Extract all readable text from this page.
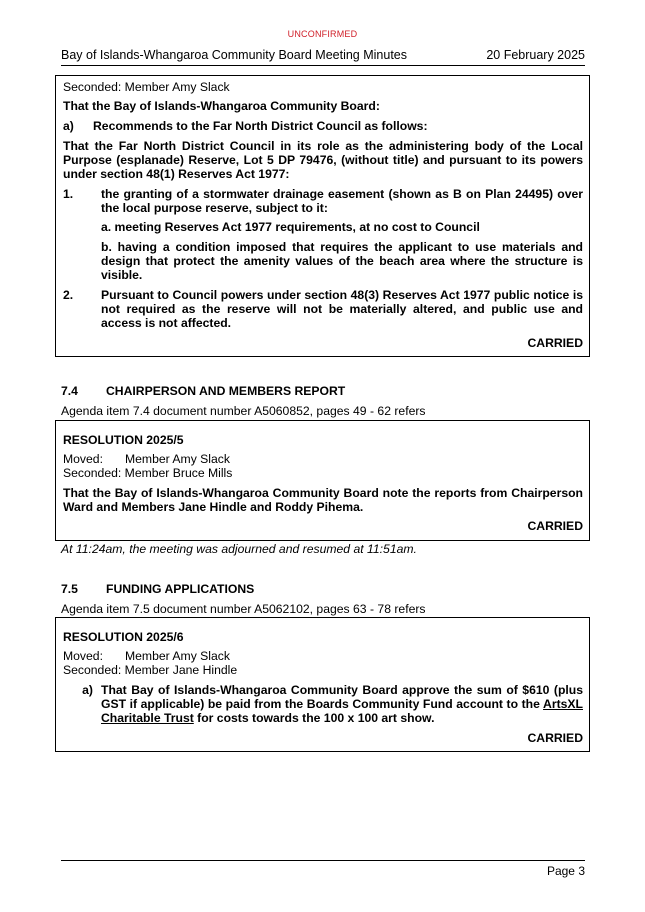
UNCONFIRMED
Bay of Islands-Whangaroa Community Board Meeting Minutes	20 February 2025

Seconded: Member Amy Slack

That the Bay of Islands-Whangaroa Community Board:

a)	Recommends to the Far North District Council as follows:

That the Far North District Council in its role as the administering body of the Local Purpose (esplanade) Reserve, Lot 5 DP 79476, (without title) and pursuant to its powers under section 48(1) Reserves Act 1977:

1.	the granting of a stormwater drainage easement (shown as B on Plan 24495) over the local purpose reserve, subject to it:

a. meeting Reserves Act 1977 requirements, at no cost to Council

b. having a condition imposed that requires the applicant to use materials and design that protect the amenity values of the beach area where the structure is visible.

2.	Pursuant to Council powers under section 48(3) Reserves Act 1977 public notice is not required as the reserve will not be materially altered, and public use and access is not affected.

CARRIED

7.4 CHAIRPERSON AND MEMBERS REPORT
Agenda item 7.4 document number A5060852, pages 49 - 62 refers

RESOLUTION 2025/5

Moved: Member Amy Slack

Seconded: Member Bruce Mills

That the Bay of Islands-Whangaroa Community Board note the reports from Chairperson Ward and Members Jane Hindle and Roddy Pihema.

CARRIED

At 11:24am, the meeting was adjourned and resumed at 11:51am.
7.5 FUNDING APPLICATIONS
Agenda item 7.5 document number A5062102, pages 63 - 78 refers

RESOLUTION 2025/6

Moved: Member Amy Slack

Seconded: Member Jane Hindle

a) That Bay of Islands-Whangaroa Community Board approve the sum of $610 (plus GST if applicable) be paid from the Boards Community Fund account to the ArtsXL Charitable Trust for costs towards the 100 x 100 art show.

CARRIED

Page 3
